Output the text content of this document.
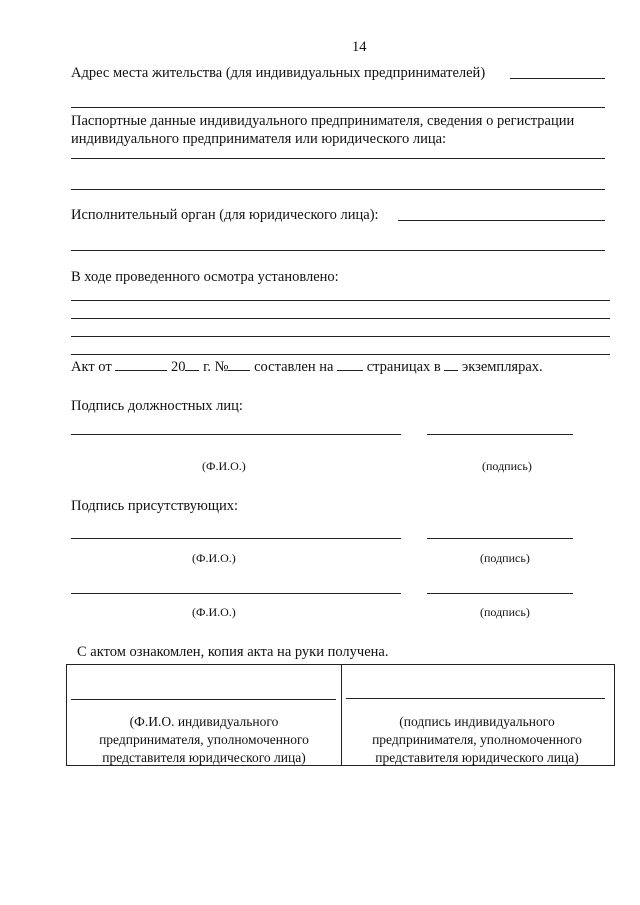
14
Адрес места жительства (для индивидуальных предпринимателей)
Паспортные данные индивидуального предпринимателя, сведения о регистрации
индивидуального предпринимателя или юридического лица:
Исполнительный орган (для юридического лица):
В ходе проведенного осмотра установлено:
Акт от	20 г. № составлен на страницах в экземплярах.
Подпись должностных лиц:
(Ф.И.О.)	(подпись)
Подпись присутствующих:
(Ф.И.О.)	(подпись)
(Ф.И.О.)	(подпись)
С актом ознакомлен, копия акта на руки получена.
(Ф.И.О. индивидуального
предпринимателя, уполномоченного
представителя юридического лица)
(подпись индивидуального
предпринимателя, уполномоченного
представителя юридического лица)
